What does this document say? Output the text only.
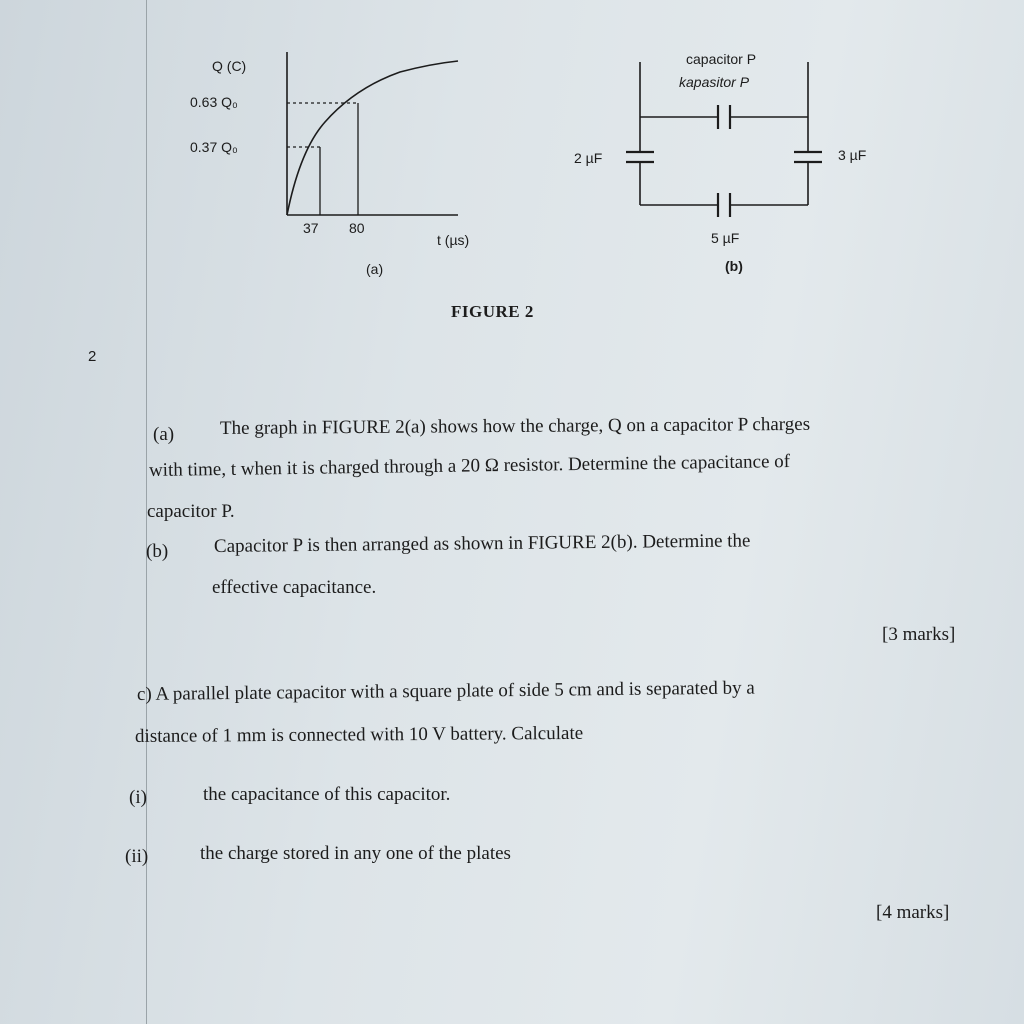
Q (C)
0.63 Q₀
0.37 Q₀
37 80
t (µs)
(a)
capacitor P
kapasitor P
2 µF	3 µF
5 µF
(b)
FIGURE 2
2
(a) The graph in FIGURE 2(a) shows how the charge, Q on a capacitor P charges
with time, t when it is charged through a 20 Ω resistor. Determine the capacitance of
capacitor P.
(b) Capacitor P is then arranged as shown in FIGURE 2(b). Determine the
effective capacitance.
[3 marks]
c) A parallel plate capacitor with a square plate of side 5 cm and is separated by a
distance of 1 mm is connected with 10 V battery. Calculate
(i)	the capacitance of this capacitor.
(ii)	the charge stored in any one of the plates
[4 marks]
